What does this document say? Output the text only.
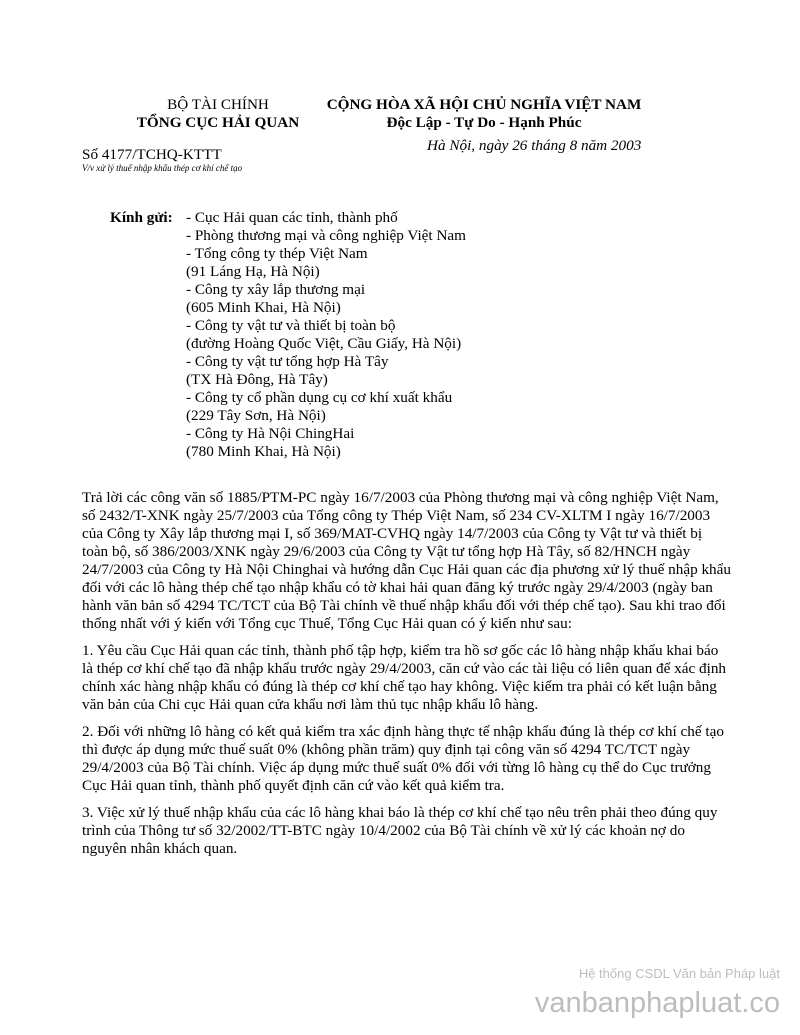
BỘ TÀI CHÍNH
TỔNG CỤC HẢI QUAN
CỘNG HÒA XÃ HỘI CHỦ NGHĨA VIỆT NAM
Độc Lập - Tự Do - Hạnh Phúc
Số 4177/TCHQ-KTTT
V/v xử lý thuế nhập khẩu thép cơ khí chế tạo
Hà Nội, ngày 26 tháng 8 năm 2003
Kính gửi: - Cục Hải quan các tỉnh, thành phố
- Phòng thương mại và công nghiệp Việt Nam
- Tổng công ty thép Việt Nam
(91 Láng Hạ, Hà Nội)
- Công ty xây lắp thương mại
(605 Minh Khai, Hà Nội)
- Công ty vật tư và thiết bị toàn bộ
(đường Hoàng Quốc Việt, Cầu Giấy, Hà Nội)
- Công ty vật tư tổng hợp Hà Tây
(TX Hà Đông, Hà Tây)
- Công ty cổ phần dụng cụ cơ khí xuất khẩu
(229 Tây Sơn, Hà Nội)
- Công ty Hà Nội ChingHai
(780 Minh Khai, Hà Nội)

Trả lời các công văn số 1885/PTM-PC ngày 16/7/2003 của Phòng thương mại và công nghiệp Việt Nam, số 2432/T-XNK ngày 25/7/2003 của Tổng công ty Thép Việt Nam, số 234 CV-XLTM I ngày 16/7/2003 của Công ty Xây lắp thương mại I, số 369/MAT-CVHQ ngày 14/7/2003 của Công ty Vật tư và thiết bị toàn bộ, số 386/2003/XNK ngày 29/6/2003 của Công ty Vật tư tổng hợp Hà Tây, số 82/HNCH ngày 24/7/2003 của Công ty Hà Nội Chinghai và hướng dẫn Cục Hải quan các địa phương xử lý thuế nhập khẩu đối với các lô hàng thép chế tạo nhập khẩu có tờ khai hải quan đăng ký trước ngày 29/4/2003 (ngày ban hành văn bản số 4294 TC/TCT của Bộ Tài chính về thuế nhập khẩu đối với thép chế tạo). Sau khi trao đổi thống nhất với ý kiến với Tổng cục Thuế, Tổng Cục Hải quan có ý kiến như sau:

1. Yêu cầu Cục Hải quan các tỉnh, thành phố tập hợp, kiểm tra hồ sơ gốc các lô hàng nhập khẩu khai báo là thép cơ khí chế tạo đã nhập khẩu trước ngày 29/4/2003, căn cứ vào các tài liệu có liên quan để xác định chính xác hàng nhập khẩu có đúng là thép cơ khí chế tạo hay không. Việc kiểm tra phải có kết luận bằng văn bản của Chi cục Hải quan cửa khẩu nơi làm thủ tục nhập khẩu lô hàng.

2. Đối với những lô hàng có kết quả kiểm tra xác định hàng thực tế nhập khẩu đúng là thép cơ khí chế tạo thì được áp dụng mức thuế suất 0% (không phần trăm) quy định tại công văn số 4294 TC/TCT ngày 29/4/2003 của Bộ Tài chính. Việc áp dụng mức thuế suất 0% đối với từng lô hàng cụ thể do Cục trưởng Cục Hải quan tỉnh, thành phố quyết định căn cứ vào kết quả kiểm tra.

3. Việc xử lý thuế nhập khẩu của các lô hàng khai báo là thép cơ khí chế tạo nêu trên phải theo đúng quy trình của Thông tư số 32/2002/TT-BTC ngày 10/4/2002 của Bộ Tài chính về xử lý các khoản nợ do nguyên nhân khách quan.

Hệ thống CSDL Văn bản Pháp luật
vanbanphapluat.co
